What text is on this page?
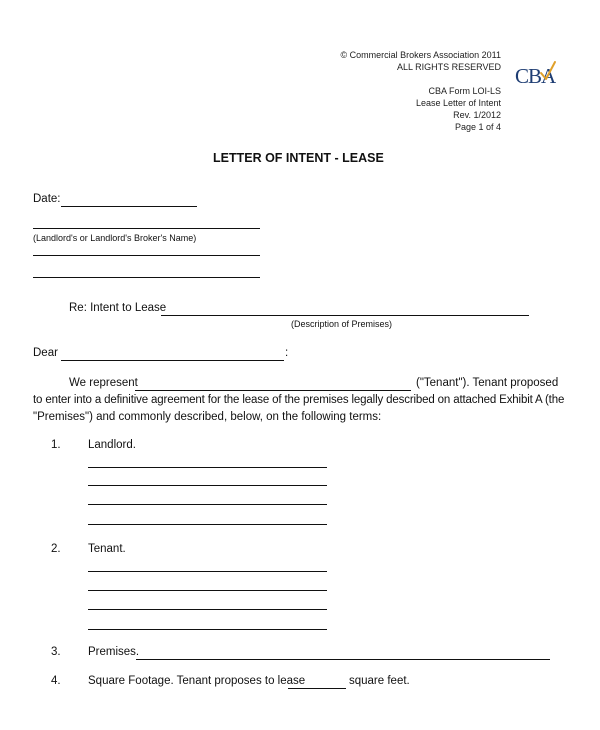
© Commercial Brokers Association 2011
ALL RIGHTS RESERVED
CBA Form LOI-LS
Lease Letter of Intent
Rev. 1/2012
Page 1 of 4
CBA
LETTER OF INTENT - LEASE
Date:
(Landlord's or Landlord's Broker's Name)
Re: Intent to Lease
(Description of Premises)
Dear	:
We represent	("Tenant"). Tenant proposed
to enter into a definitive agreement for the lease of the premises legally described on attached Exhibit A (the
"Premises") and commonly described, below, on the following terms:
1. Landlord.
2. Tenant.
3. Premises.
4. Square Footage. Tenant proposes to lease	square feet.
